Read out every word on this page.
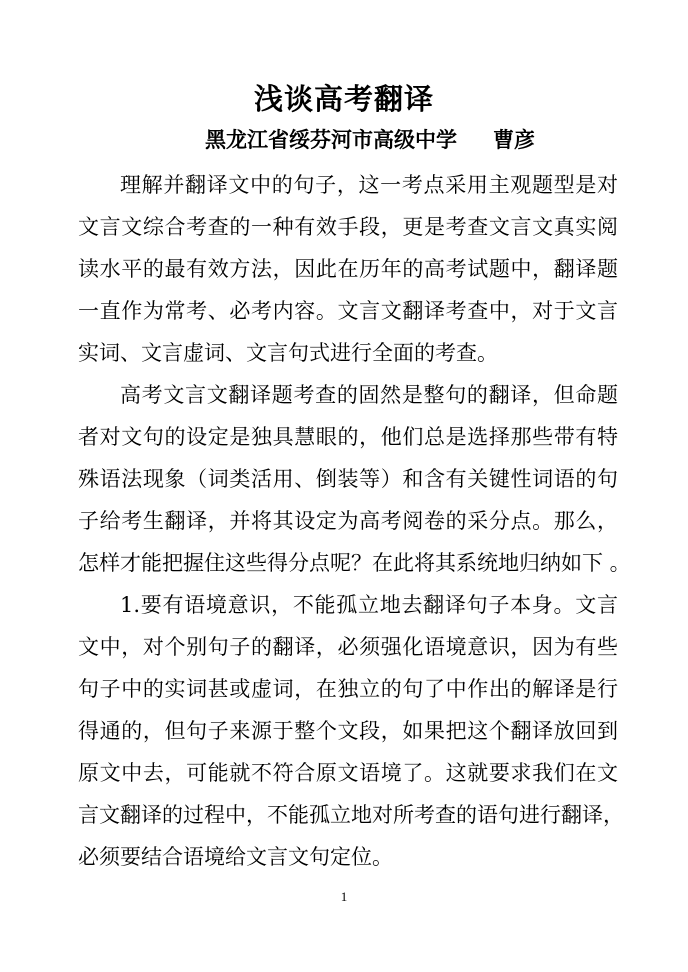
浅谈高考翻译
黑龙江省绥芬河市高级中学 曹彦
理解并翻译文中的句子，这一考点采用主观题型是对
文言文综合考查的一种有效手段，更是考查文言文真实阅
读水平的最有效方法，因此在历年的高考试题中，翻译题
一直作为常考、必考内容。文言文翻译考查中，对于文言
实词、文言虚词、文言句式进行全面的考查。
高考文言文翻译题考查的固然是整句的翻译，但命题
者对文句的设定是独具慧眼的，他们总是选择那些带有特
殊语法现象（词类活用、倒装等）和含有关键性词语的句
子给考生翻译，并将其设定为高考阅卷的采分点。那么，
怎样才能把握住这些得分点呢？在此将其系统地归纳如下 。
1.要有语境意识，不能孤立地去翻译句子本身。文言
文中，对个别句子的翻译，必须强化语境意识，因为有些
句子中的实词甚或虚词，在独立的句了中作出的解译是行
得通的，但句子来源于整个文段，如果把这个翻译放回到
原文中去，可能就不符合原文语境了。这就要求我们在文
言文翻译的过程中，不能孤立地对所考查的语句进行翻译，
必须要结合语境给文言文句定位。
1
